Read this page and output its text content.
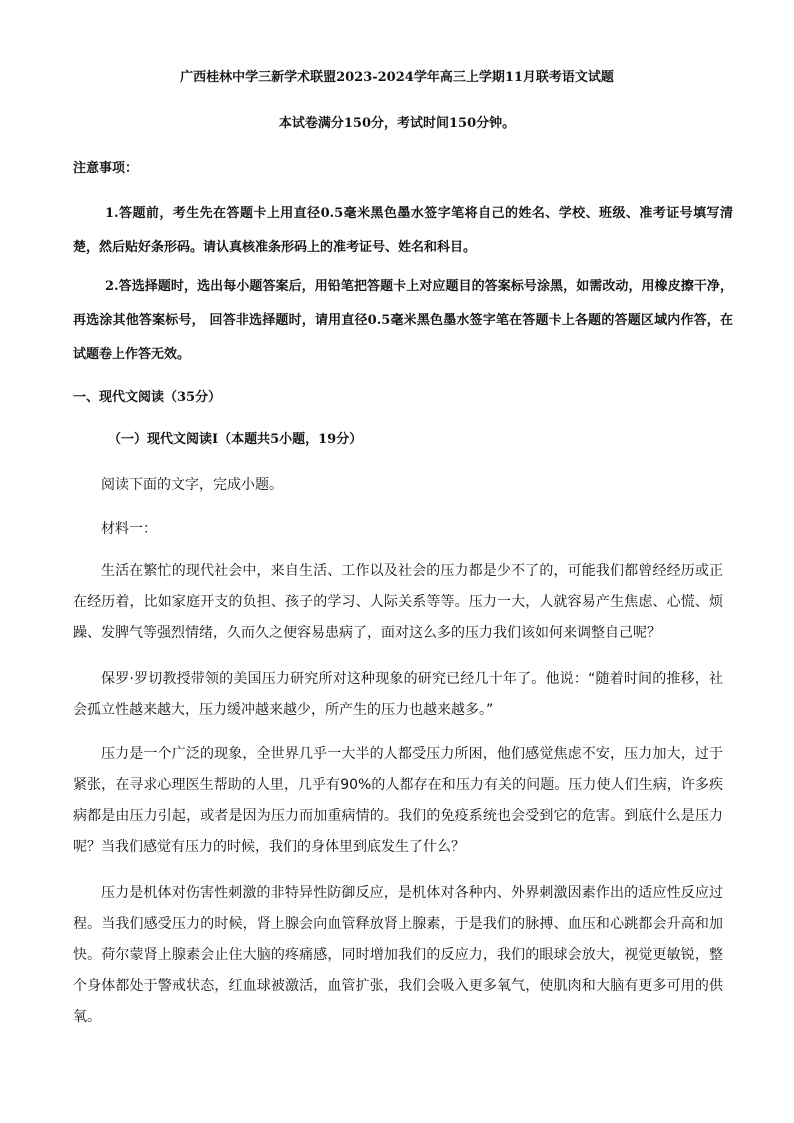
广西桂林中学三新学术联盟2023-2024学年高三上学期11月联考语文试题
本试卷满分150分，考试时间150分钟。
注意事项：
1.答题前，考生先在答题卡上用直径0.5毫米黑色墨水签字笔将自己的姓名、学校、班级、准考证号填写清楚，然后贴好条形码。请认真核准条形码上的准考证号、姓名和科目。
2.答选择题时，选出每小题答案后，用铅笔把答题卡上对应题目的答案标号涂黑，如需改动，用橡皮擦干净，再选涂其他答案标号， 回答非选择题时，请用直径0.5毫米黑色墨水签字笔在答题卡上各题的答题区域内作答，在试题卷上作答无效。
一、现代文阅读（35分）
（一）现代文阅读Ⅰ（本题共5小题，19分）
阅读下面的文字，完成小题。
材料一：
生活在繁忙的现代社会中，来自生活、工作以及社会的压力都是少不了的，可能我们都曾经经历或正在经历着，比如家庭开支的负担、孩子的学习、人际关系等等。压力一大，人就容易产生焦虑、心慌、烦躁、发脾气等强烈情绪，久而久之便容易患病了，面对这么多的压力我们该如何来调整自己呢？
保罗·罗切教授带领的美国压力研究所对这种现象的研究已经几十年了。他说：“随着时间的推移，社会孤立性越来越大，压力缓冲越来越少，所产生的压力也越来越多。”
压力是一个广泛的现象，全世界几乎一大半的人都受压力所困，他们感觉焦虑不安，压力加大，过于紧张，在寻求心理医生帮助的人里，几乎有90%的人都存在和压力有关的问题。压力使人们生病，许多疾病都是由压力引起，或者是因为压力而加重病情的。我们的免疫系统也会受到它的危害。到底什么是压力呢？当我们感觉有压力的时候，我们的身体里到底发生了什么？
压力是机体对伤害性刺激的非特异性防御反应，是机体对各种内、外界刺激因素作出的适应性反应过程。当我们感受压力的时候，肾上腺会向血管释放肾上腺素，于是我们的脉搏、血压和心跳都会升高和加快。荷尔蒙肾上腺素会止住大脑的疼痛感，同时增加我们的反应力，我们的眼球会放大，视觉更敏锐，整个身体都处于警戒状态，红血球被激活，血管扩张，我们会吸入更多氧气，使肌肉和大脑有更多可用的供氧。
